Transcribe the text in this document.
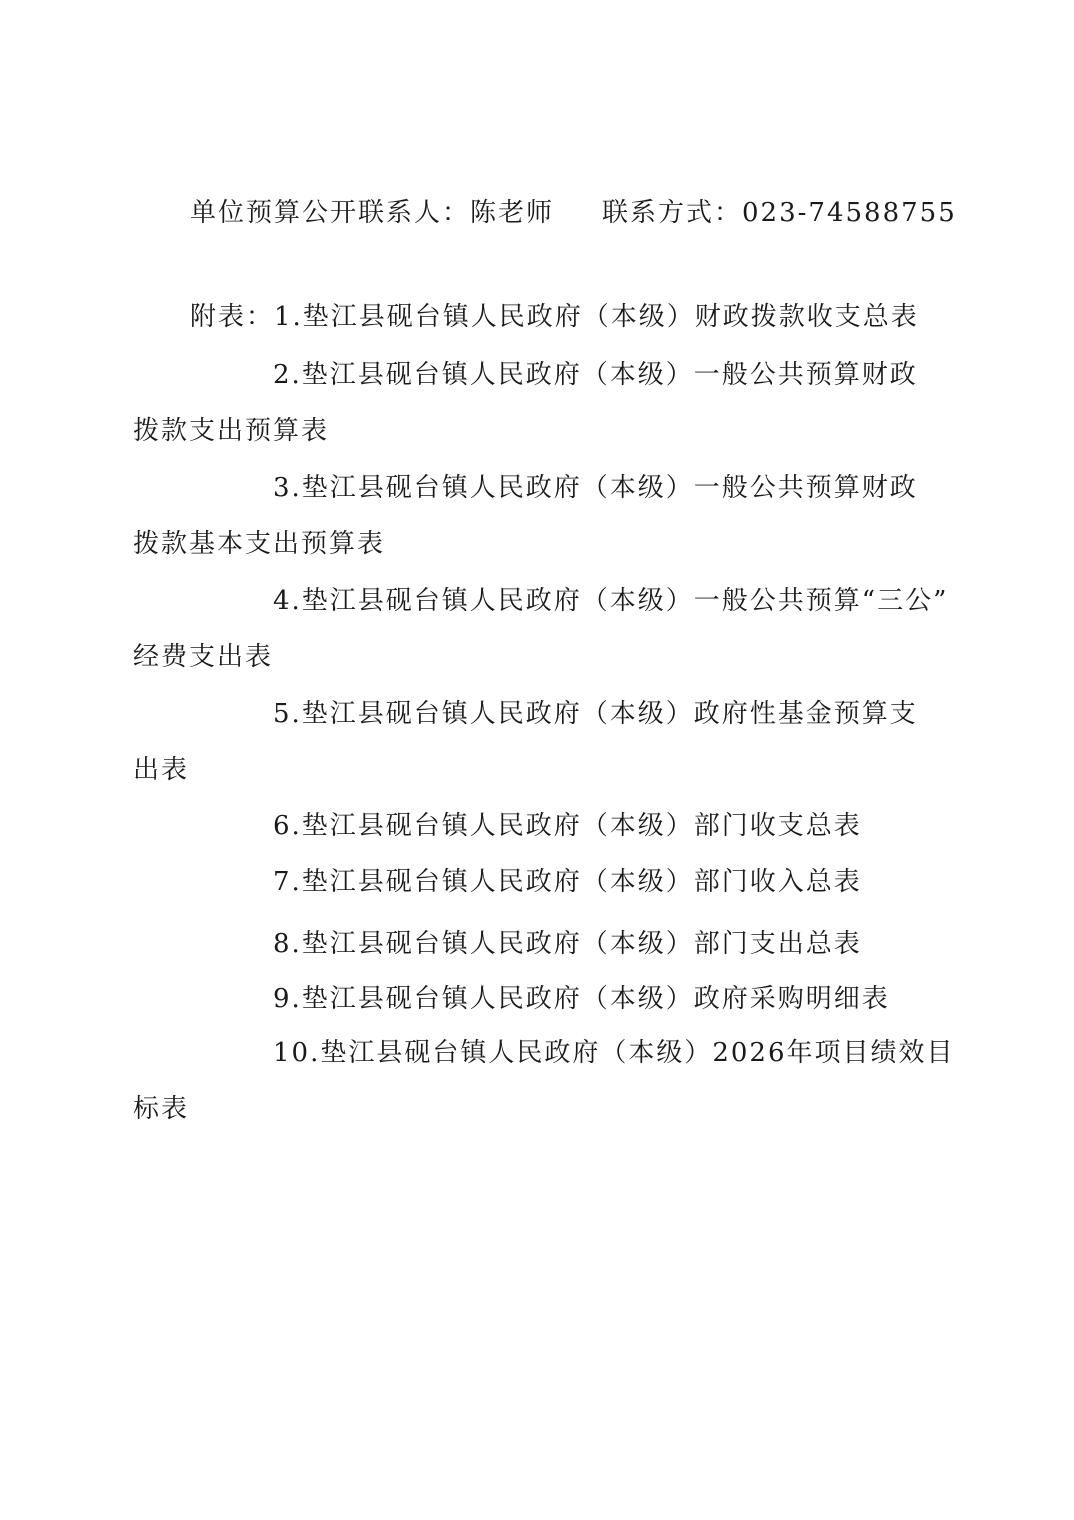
单位预算公开联系人：陈老师 联系方式：023-74588755
附表：1.垫江县砚台镇人民政府（本级）财政拨款收支总表
2.垫江县砚台镇人民政府（本级）一般公共预算财政
拨款支出预算表
3.垫江县砚台镇人民政府（本级）一般公共预算财政
拨款基本支出预算表
4.垫江县砚台镇人民政府（本级）一般公共预算“三公”
经费支出表
5.垫江县砚台镇人民政府（本级）政府性基金预算支
出表
6.垫江县砚台镇人民政府（本级）部门收支总表
7.垫江县砚台镇人民政府（本级）部门收入总表
8.垫江县砚台镇人民政府（本级）部门支出总表
9.垫江县砚台镇人民政府（本级）政府采购明细表
10.垫江县砚台镇人民政府（本级）2026年项目绩效目
标表
